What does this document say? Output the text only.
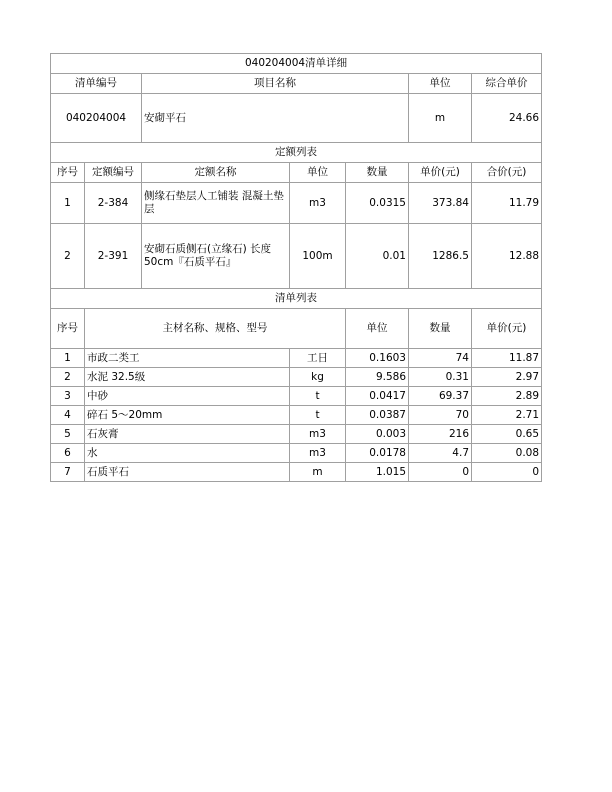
040204004清单详细							
清单编号		项目名称			单位	综合单价	
040204004		安砌平石			m	24.66	
定额列表							
序号	定额编号	定额名称	单位	数量	单价(元)	合价(元)	
1	2-384	侧缘石垫层人工铺装 混凝土垫层	m3	0.0315	373.84	11.79	
2	2-391	安砌石质侧石(立缘石) 长度50cm『石质平石』	100m	0.01	1286.5	12.88	
清单列表							
序号	主材名称、规格、型号			单位	数量	单价(元)	
1	市政二类工		工日	0.1603	74	11.87	
2	水泥 32.5级		kg	9.586	0.31	2.97	
3	中砂		t	0.0417	69.37	2.89	
4	碎石 5～20mm		t	0.0387	70	2.71	
5	石灰膏		m3	0.003	216	0.65	
6	水		m3	0.0178	4.7	0.08	
7	石质平石		m	1.015	0	0	
